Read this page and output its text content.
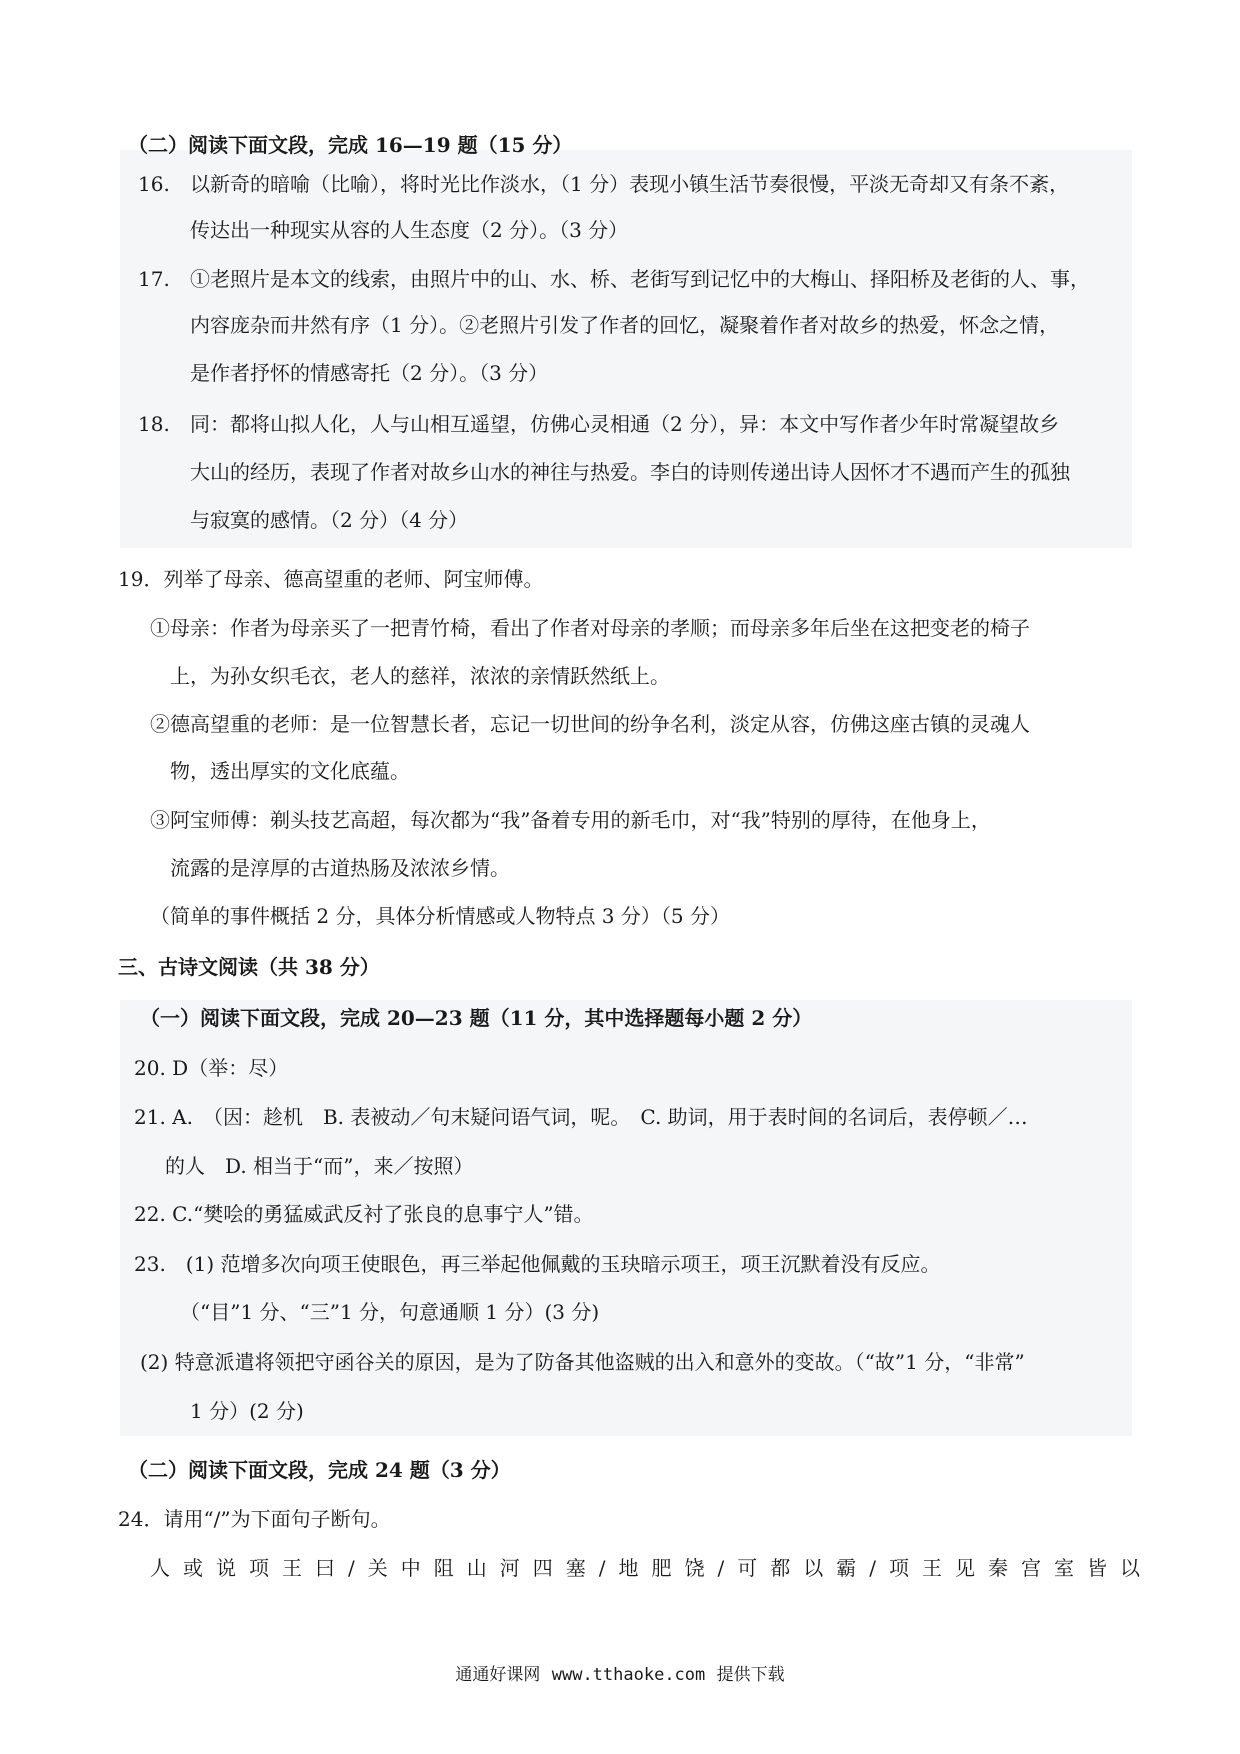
（二）阅读下面文段，完成 16—19 题（15 分）
16. 以新奇的暗喻（比喻），将时光比作淡水，（1 分）表现小镇生活节奏很慢，平淡无奇却又有条不紊，
传达出一种现实从容的人生态度（2 分）。（3 分）
17. ①老照片是本文的线索，由照片中的山、水、桥、老街写到记忆中的大梅山、择阳桥及老街的人、事，
内容庞杂而井然有序（1 分）。②老照片引发了作者的回忆，凝聚着作者对故乡的热爱，怀念之情，
是作者抒怀的情感寄托（2 分）。（3 分）
18. 同：都将山拟人化，人与山相互遥望，仿佛心灵相通（2 分），异：本文中写作者少年时常凝望故乡
大山的经历，表现了作者对故乡山水的神往与热爱。李白的诗则传递出诗人因怀才不遇而产生的孤独
与寂寞的感情。（2 分）（4 分）
19．列举了母亲、德高望重的老师、阿宝师傅。
①母亲：作者为母亲买了一把青竹椅，看出了作者对母亲的孝顺；而母亲多年后坐在这把变老的椅子
上，为孙女织毛衣，老人的慈祥，浓浓的亲情跃然纸上。
②德高望重的老师：是一位智慧长者，忘记一切世间的纷争名利，淡定从容，仿佛这座古镇的灵魂人
物，透出厚实的文化底蕴。
③阿宝师傅：剃头技艺高超，每次都为“我”备着专用的新毛巾，对“我”特别的厚待，在他身上，
流露的是淳厚的古道热肠及浓浓乡情。
（简单的事件概括 2 分，具体分析情感或人物特点 3 分）（5 分）
三、古诗文阅读（共 38 分）
（一）阅读下面文段，完成 20—23 题（11 分，其中选择题每小题 2 分）
20. D（举：尽）
21. A.　（因：趁机　B. 表被动／句末疑问语气词，呢。　C. 助词，用于表时间的名词后，表停顿／…
的人　D. 相当于“而”，来／按照）
22. C.“樊哙的勇猛威武反衬了张良的息事宁人”错。
23.　(1) 范增多次向项王使眼色，再三举起他佩戴的玉玦暗示项王，项王沉默着没有反应。
（“目”1 分、“三”1 分，句意通顺 1 分）(3 分)
(2) 特意派遣将领把守函谷关的原因，是为了防备其他盗贼的出入和意外的变故。（“故”1 分，“非常”
1 分）(2 分)
（二）阅读下面文段，完成 24 题（3 分）
24．请用“/”为下面句子断句。
人或说项王曰/关中阻山河四塞/地肥饶/可都以霸/项王见秦宫室皆以
通通好课网 www.tthaoke.com 提供下载
